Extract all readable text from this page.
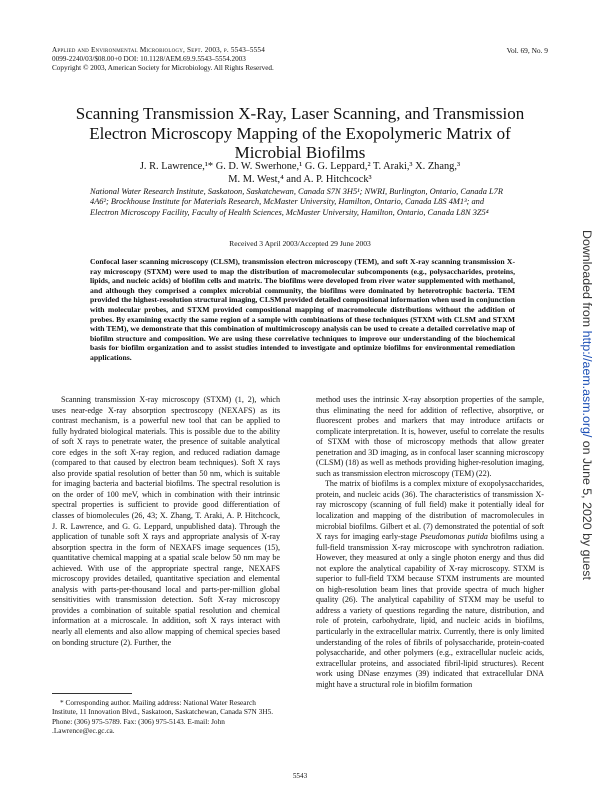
Applied and Environmental Microbiology, Sept. 2003, p. 5543–5554
0099-2240/03/$08.00+0 DOI: 10.1128/AEM.69.9.5543–5554.2003
Copyright © 2003, American Society for Microbiology. All Rights Reserved.
Vol. 69, No. 9
Scanning Transmission X-Ray, Laser Scanning, and Transmission Electron Microscopy Mapping of the Exopolymeric Matrix of Microbial Biofilms
J. R. Lawrence,¹* G. D. W. Swerhone,¹ G. G. Leppard,² T. Araki,³ X. Zhang,³
M. M. West,⁴ and A. P. Hitchcock³
National Water Research Institute, Saskatoon, Saskatchewan, Canada S7N 3H5¹; NWRI, Burlington, Ontario, Canada L7R 4A6²; Brockhouse Institute for Materials Research, McMaster University, Hamilton, Ontario, Canada L8S 4M1³; and Electron Microscopy Facility, Faculty of Health Sciences, McMaster University, Hamilton, Ontario, Canada L8N 3Z5⁴
Received 3 April 2003/Accepted 29 June 2003
Confocal laser scanning microscopy (CLSM), transmission electron microscopy (TEM), and soft X-ray scanning transmission X-ray microscopy (STXM) were used to map the distribution of macromolecular subcomponents (e.g., polysaccharides, proteins, lipids, and nucleic acids) of biofilm cells and matrix. The biofilms were developed from river water supplemented with methanol, and although they comprised a complex microbial community, the biofilms were dominated by heterotrophic bacteria. TEM provided the highest-resolution structural imaging, CLSM provided detailed compositional information when used in conjunction with molecular probes, and STXM provided compositional mapping of macromolecule distributions without the addition of probes. By examining exactly the same region of a sample with combinations of these techniques (STXM with CLSM and STXM with TEM), we demonstrate that this combination of multimicroscopy analysis can be used to create a detailed correlative map of biofilm structure and composition. We are using these correlative techniques to improve our understanding of the biochemical basis for biofilm organization and to assist studies intended to investigate and optimize biofilms for environmental remediation applications.

Scanning transmission X-ray microscopy (STXM) (1, 2), which uses near-edge X-ray absorption spectroscopy (NEXAFS) as its contrast mechanism, is a powerful new tool that can be applied to fully hydrated biological materials. This is possible due to the ability of soft X rays to penetrate water, the presence of suitable analytical core edges in the soft X-ray region, and reduced radiation damage (compared to that caused by electron beam techniques). Soft X rays also provide spatial resolution of better than 50 nm, which is suitable for imaging bacteria and bacterial biofilms. The spectral resolution is on the order of 100 meV, which in combination with their intrinsic spectral properties is sufficient to provide good differentiation of classes of biomolecules (26, 43; X. Zhang, T. Araki, A. P. Hitchcock, J. R. Lawrence, and G. G. Leppard, unpublished data). Through the application of tunable soft X rays and appropriate analysis of X-ray absorption spectra in the form of NEXAFS image sequences (15), quantitative chemical mapping at a spatial scale below 50 nm may be achieved. With use of the appropriate spectral range, NEXAFS microscopy provides detailed, quantitative speciation and elemental analysis with parts-per-thousand local and parts-per-million global sensitivities with transmission detection. Soft X-ray microscopy provides a combination of suitable spatial resolution and chemical information at a microscale. In addition, soft X rays interact with nearly all elements and also allow mapping of chemical species based on bonding structure (2). Further, the

method uses the intrinsic X-ray absorption properties of the sample, thus eliminating the need for addition of reflective, absorptive, or fluorescent probes and markers that may introduce artifacts or complicate interpretation. It is, however, useful to correlate the results of STXM with those of microscopy methods that allow greater penetration and 3D imaging, as in confocal laser scanning microscopy (CLSM) (18) as well as methods providing higher-resolution imaging, such as transmission electron microscopy (TEM) (22).

The matrix of biofilms is a complex mixture of exopolysaccharides, protein, and nucleic acids (36). The characteristics of transmission X-ray microscopy (scanning of full field) make it potentially ideal for localization and mapping of the distribution of macromolecules in microbial biofilms. Gilbert et al. (7) demonstrated the potential of soft X rays for imaging early-stage Pseudomonas putida biofilms using a full-field transmission X-ray microscope with synchrotron radiation. However, they measured at only a single photon energy and thus did not explore the analytical capability of X-ray microscopy. STXM is superior to full-field TXM because STXM instruments are mounted on high-resolution beam lines that provide spectra of much higher quality (26). The analytical capability of STXM may be useful to address a variety of questions regarding the nature, distribution, and role of protein, carbohydrate, lipid, and nucleic acids in biofilms, particularly in the extracellular matrix. Currently, there is only limited understanding of the roles of fibrils of polysaccharide, protein-coated polysaccharide, and other polymers (e.g., extracellular nucleic acids, extracellular proteins, and associated fibril-lipid structures). Recent work using DNase enzymes (39) indicated that extracellular DNA might have a structural role in biofilm formation

* Corresponding author. Mailing address: National Water Research Institute, 11 Innovation Blvd., Saskatoon, Saskatchewan, Canada S7N 3H5. Phone: (306) 975-5789. Fax: (306) 975-5143. E-mail: John .Lawrence@ec.gc.ca.

5543
Downloaded from http://aem.asm.org/ on June 5, 2020 by guest
